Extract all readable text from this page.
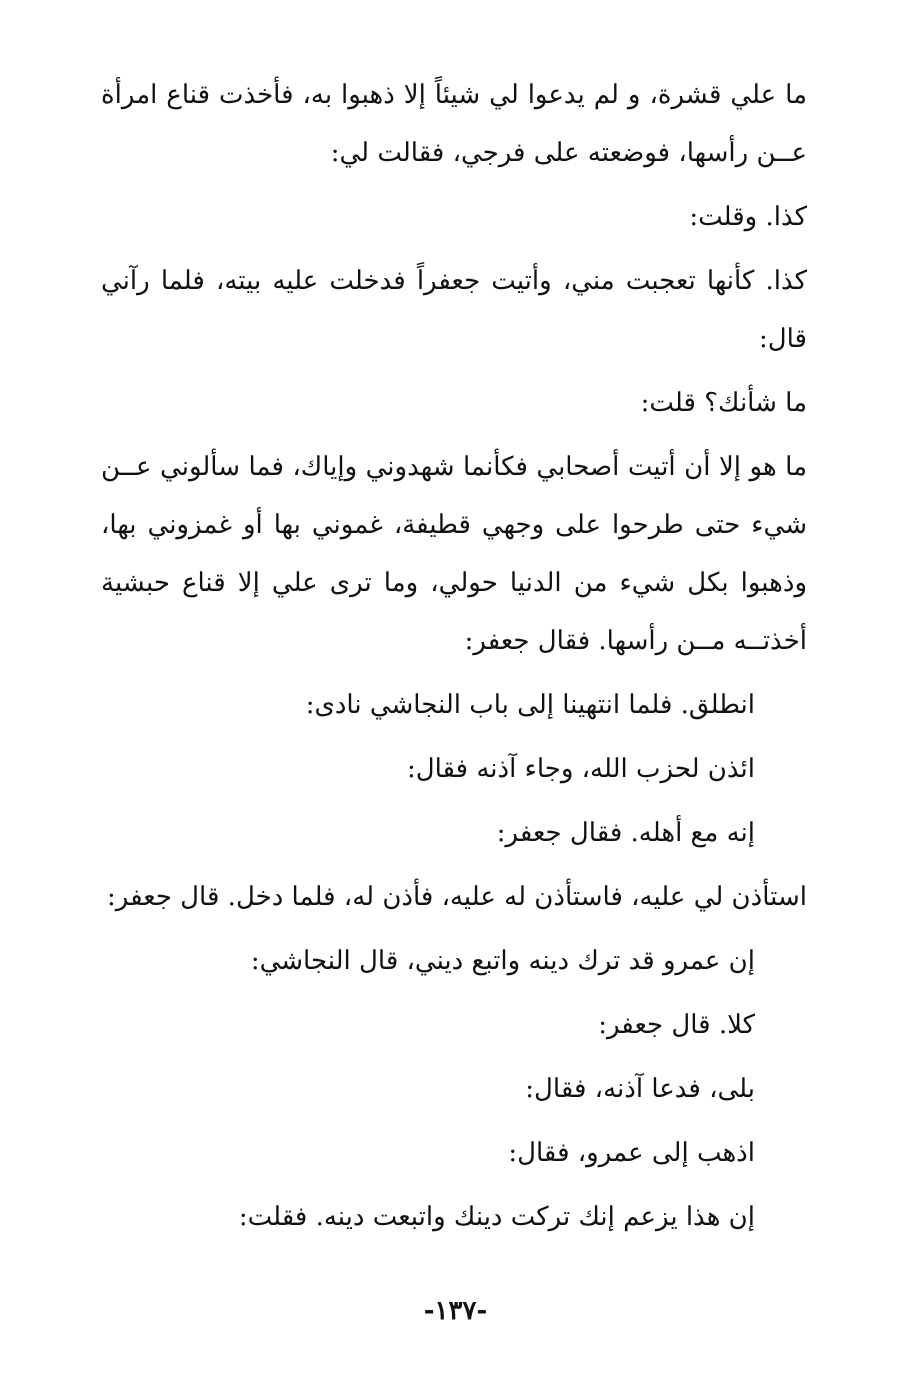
ما علي قشرة، و لم يدعوا لي شيئاً إلا ذهبوا به، فأخذت قناع امرأة عــن رأسها، فوضعته على فرجي، فقالت لي:

كذا. وقلت:

كذا. كأنها تعجبت مني، وأتيت جعفراً فدخلت عليه بيته، فلما رآني قال:

ما شأنك؟ قلت:

ما هو إلا أن أتيت أصحابي فكأنما شهدوني وإياك، فما سألوني عــن شيء حتى طرحوا على وجهي قطيفة، غموني بها أو غمزوني بها، وذهبوا بكل شيء من الدنيا حولي، وما ترى علي إلا قناع حبشية أخذتــه مــن رأسها. فقال جعفر:

انطلق. فلما انتهينا إلى باب النجاشي نادى:

ائذن لحزب الله، وجاء آذنه فقال:

إنه مع أهله. فقال جعفر:

استأذن لي عليه، فاستأذن له عليه، فأذن له، فلما دخل. قال جعفر:

إن عمرو قد ترك دينه واتبع ديني، قال النجاشي:

كلا. قال جعفر:

بلى، فدعا آذنه، فقال:

اذهب إلى عمرو، فقال:

إن هذا يزعم إنك تركت دينك واتبعت دينه. فقلت:

-١٣٧-
